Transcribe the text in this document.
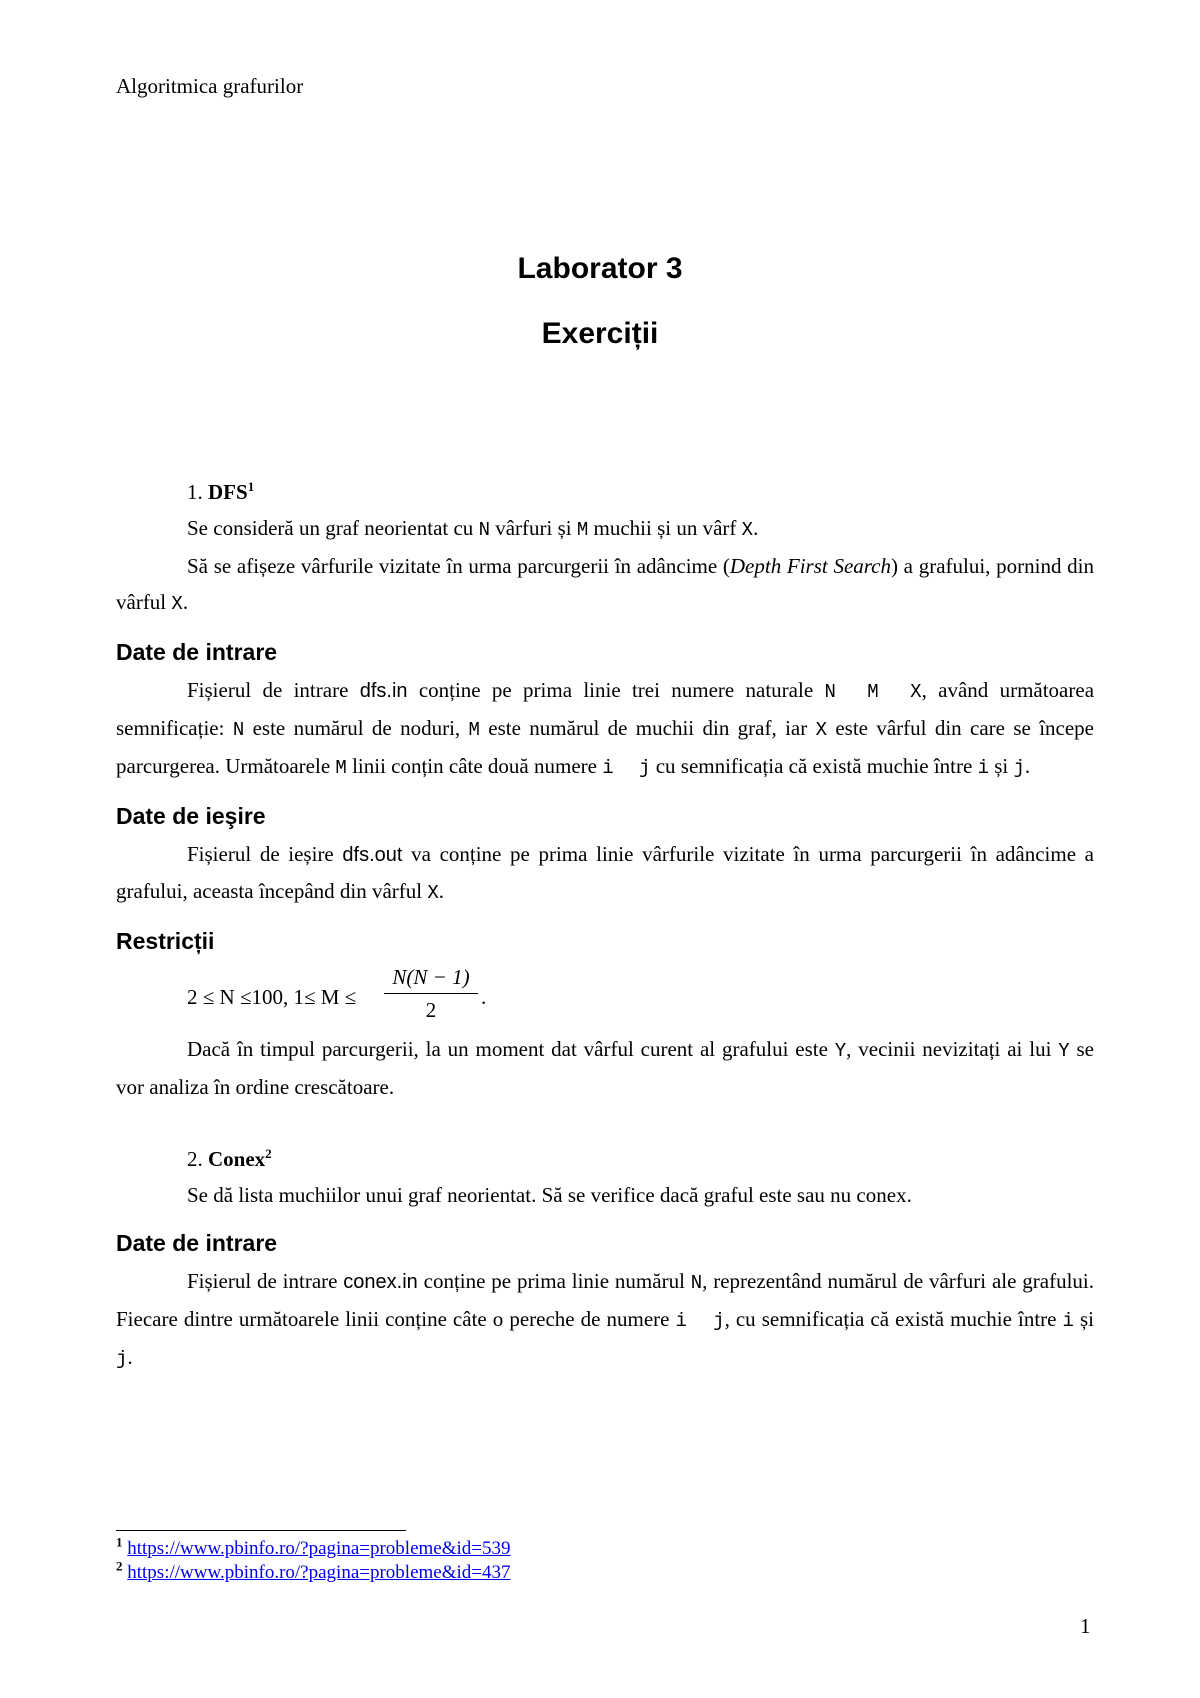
Algoritmica grafurilor
Laborator 3
Exerciții

1. DFS$^1$

Se consideră un graf neorientat cu N vârfuri și M muchii și un vârf X.

Să se afișeze vârfurile vizitate în urma parcurgerii în adâncime (Depth First Search) a grafului, pornind din vârful X.

Date de intrare

Fișierul de intrare dfs.in conține pe prima linie trei numere naturale N M X, având următoarea semnificație: N este numărul de noduri, M este numărul de muchii din graf, iar X este vârful din care se începe parcurgerea. Următoarele M linii conțin câte două numere i j cu semnificația că există muchie între i și j.

Date de ieşire

Fișierul de ieșire dfs.out va conține pe prima linie vârfurile vizitate în urma parcurgerii în adâncime a grafului, aceasta începând din vârful X.

Restricții
2 ≤ N ≤100, $1\le M \le \frac{N(N - 1)}{2}$ .

Dacă în timpul parcurgerii, la un moment dat vârful curent al grafului este Y, vecinii nevizitați ai lui Y se vor analiza în ordine crescătoare.

2. Conex$^2$

Se dă lista muchiilor unui graf neorientat. Să se verifice dacă graful este sau nu conex.

Date de intrare

Fișierul de intrare conex.in conține pe prima linie numărul N, reprezentând numărul de vârfuri ale grafului. Fiecare dintre următoarele linii conține câte o pereche de numere i j, cu semnificația că există muchie între i și j.

$^1$ https://www.pbinfo.ro/?pagina=probleme&id=539
$^2$ https://www.pbinfo.ro/?pagina=probleme&id=437
1
